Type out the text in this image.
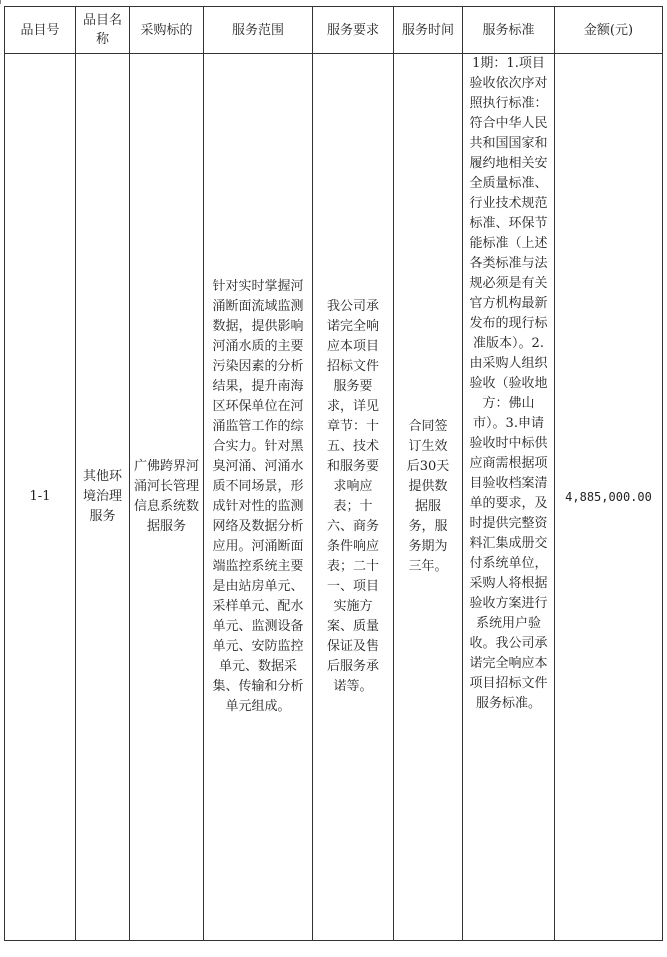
品目号	品目名称	采购标的	服务范围	服务要求	服务时间	服务标准	金额(元)

1-1	其他环境治理服务	广佛跨界河涌河长管理信息系统数据服务	针对实时掌握河涌断面流域监测数据，提供影响河涌水质的主要污染因素的分析结果，提升南海区环保单位在河涌监管工作的综合实力。针对黑臭河涌、河涌水质不同场景，形成针对性的监测网络及数据分析应用。河涌断面端监控系统主要是由站房单元、采样单元、配水单元、监测设备单元、安防监控单元、数据采集、传输和分析单元组成。	我公司承诺完全响应本项目招标文件服务要求，详见章节：十五、技术和服务要求响应表；十六、商务条件响应表；二十一、项目实施方案、质量保证及售后服务承诺等。	合同签订生效后30天提供数据服务，服务期为三年。	1期：1.项目验收依次序对照执行标准：符合中华人民共和国国家和履约地相关安全质量标准、行业技术规范标准、环保节能标准（上述各类标准与法规必须是有关官方机构最新发布的现行标准版本）。2.由采购人组织验收（验收地方：佛山市）。3.申请验收时中标供应商需根据项目验收档案清单的要求，及时提供完整资料汇集成册交付系统单位，采购人将根据验收方案进行系统用户验收。我公司承诺完全响应本项目招标文件服务标准。	4,885,000.00
